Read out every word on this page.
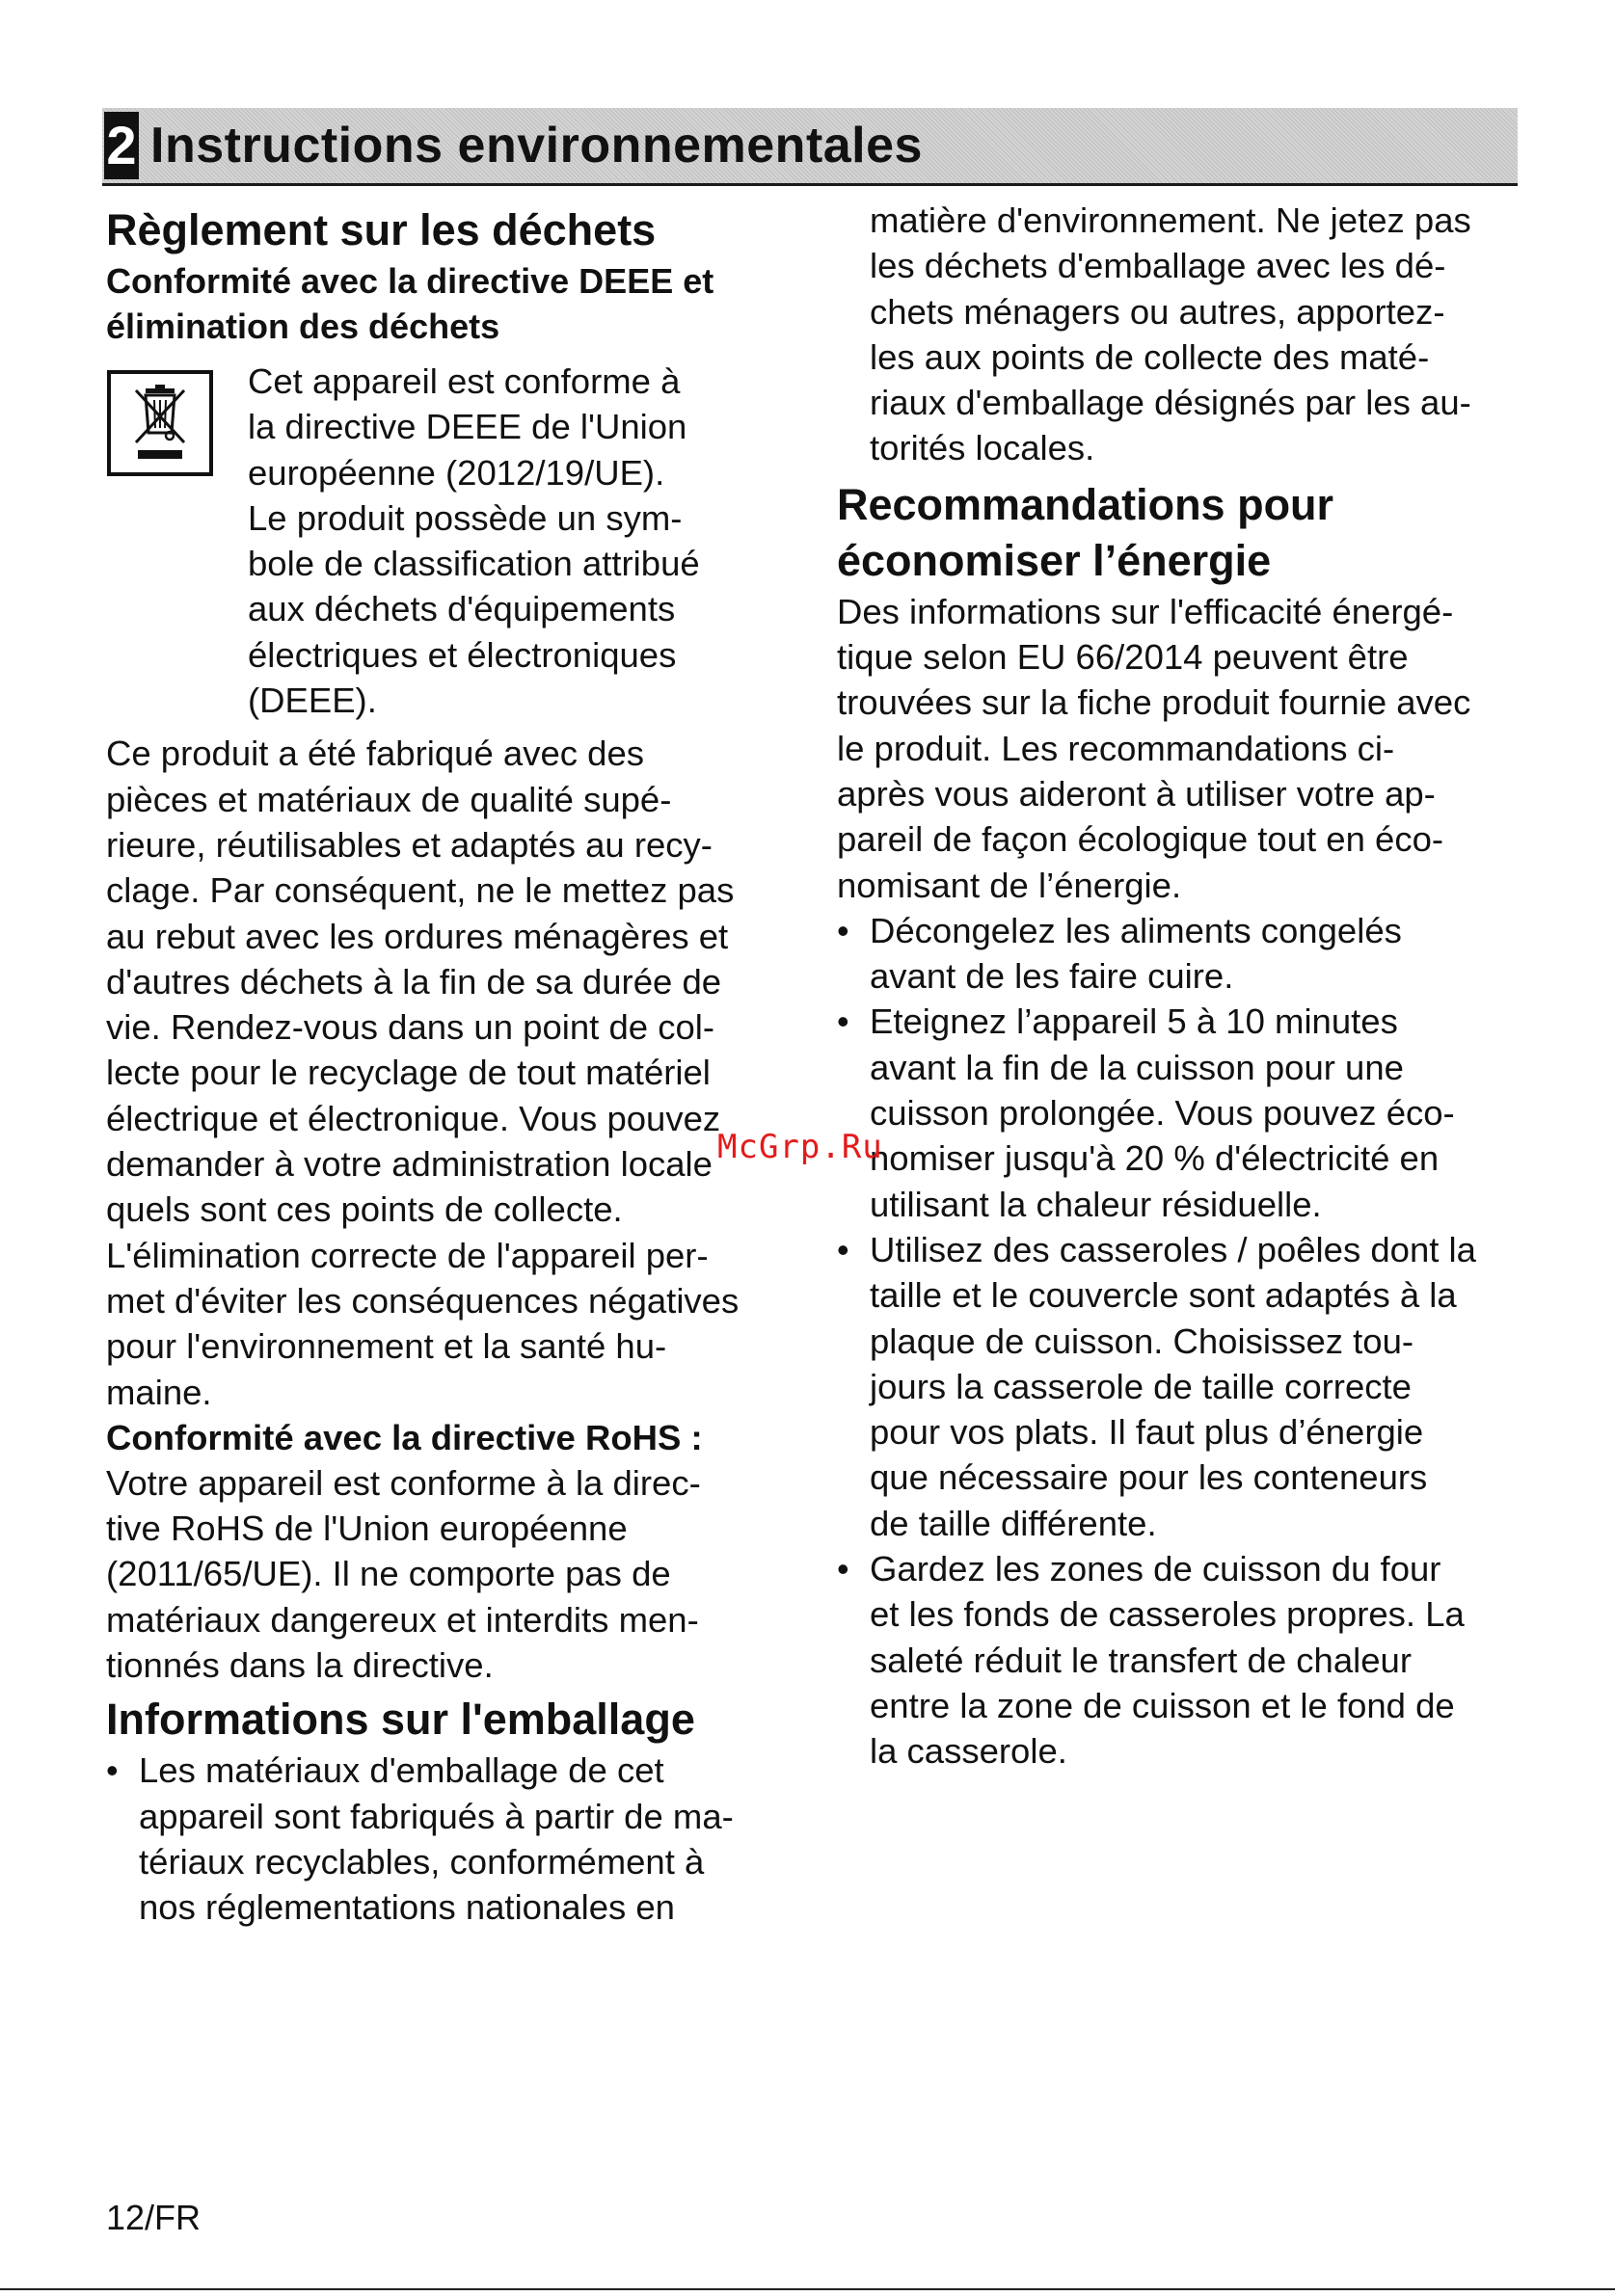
2 Instructions environnementales
Règlement sur les déchets
Conformité avec la directive DEEE et élimination des déchets

Cet appareil est conforme à

la directive DEEE de l'Union

européenne (2012/19/UE).

Le produit possède un sym-

bole de classification attribué

aux déchets d'équipements

électriques et électroniques

(DEEE).

Ce produit a été fabriqué avec des

pièces et matériaux de qualité supé-

rieure, réutilisables et adaptés au recy-

clage. Par conséquent, ne le mettez pas

au rebut avec les ordures ménagères et

d'autres déchets à la fin de sa durée de

vie. Rendez-vous dans un point de col-

lecte pour le recyclage de tout matériel

électrique et électronique. Vous pouvez

demander à votre administration locale

quels sont ces points de collecte.

L'élimination correcte de l'appareil per-

met d'éviter les conséquences négatives

pour l'environnement et la santé hu-

maine.

Conformité avec la directive RoHS :

Votre appareil est conforme à la direc-

tive RoHS de l'Union européenne

(2011/65/UE). Il ne comporte pas de

matériaux dangereux et interdits men-

tionnés dans la directive.

Informations sur l'emballage

• Les matériaux d'emballage de cet

appareil sont fabriqués à partir de ma-

tériaux recyclables, conformément à

nos réglementations nationales en

matière d'environnement. Ne jetez pas

les déchets d'emballage avec les dé-

chets ménagers ou autres, apportez-

les aux points de collecte des maté-

riaux d'emballage désignés par les au-

torités locales.

Recommandations pour

économiser l’énergie

Des informations sur l'efficacité énergé-

tique selon EU 66/2014 peuvent être

trouvées sur la fiche produit fournie avec

le produit. Les recommandations ci-

après vous aideront à utiliser votre ap-

pareil de façon écologique tout en éco-

nomisant de l’énergie.

• Décongelez les aliments congelés

avant de les faire cuire.

• Eteignez l’appareil 5 à 10 minutes

avant la fin de la cuisson pour une

cuisson prolongée. Vous pouvez éco-

nomiser jusqu'à 20 % d'électricité en

utilisant la chaleur résiduelle.

• Utilisez des casseroles / poêles dont la

taille et le couvercle sont adaptés à la

plaque de cuisson. Choisissez tou-

jours la casserole de taille correcte

pour vos plats. Il faut plus d’énergie

que nécessaire pour les conteneurs

de taille différente.

• Gardez les zones de cuisson du four

et les fonds de casseroles propres. La

saleté réduit le transfert de chaleur

entre la zone de cuisson et le fond de

la casserole.

McGrp.Ru
12/FR
